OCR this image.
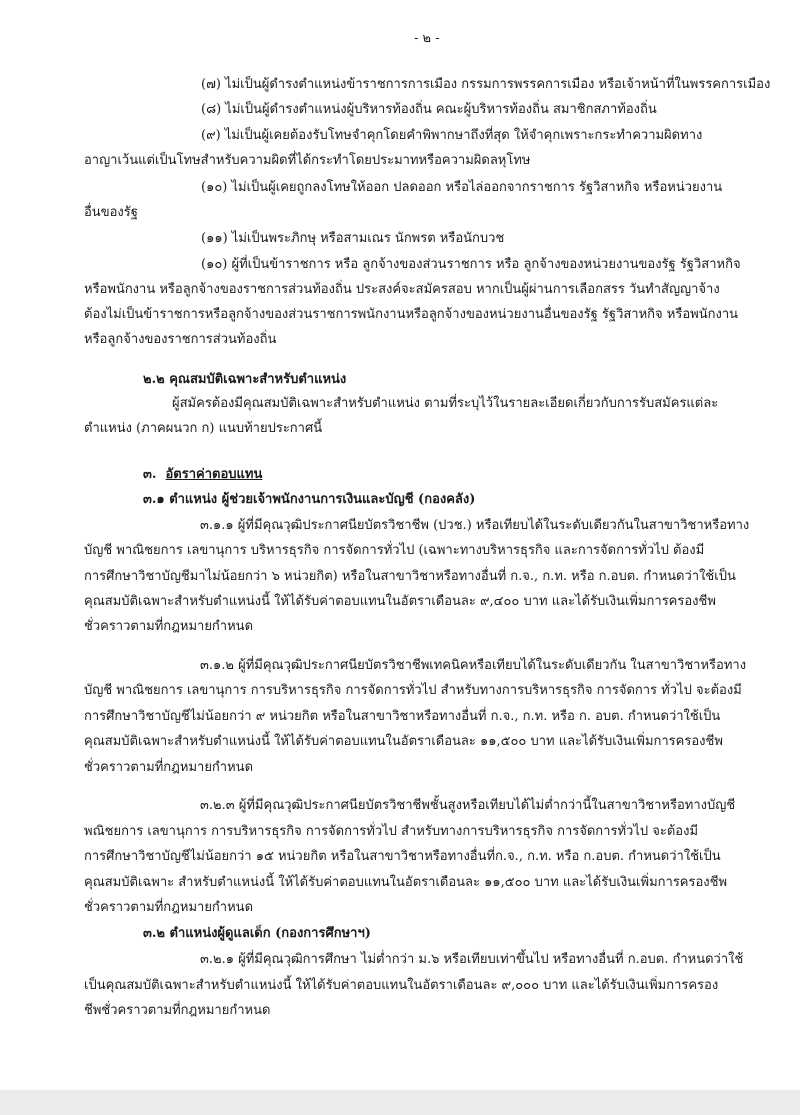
- ๒ -
(๗) ไม่เป็นผู้ดำรงตำแหน่งข้าราชการการเมือง กรรมการพรรคการเมือง หรือเจ้าหน้าที่ในพรรคการเมือง
(๘) ไม่เป็นผู้ดำรงตำแหน่งผู้บริหารท้องถิ่น คณะผู้บริหารท้องถิ่น สมาชิกสภาท้องถิ่น
(๙) ไม่เป็นผู้เคยต้องรับโทษจำคุกโดยคำพิพากษาถึงที่สุด ให้จำคุกเพราะกระทำความผิดทาง
อาญาเว้นแต่เป็นโทษสำหรับความผิดที่ได้กระทำโดยประมาทหรือความผิดลหุโทษ
(๑๐) ไม่เป็นผู้เคยถูกลงโทษให้ออก ปลดออก หรือไล่ออกจากราชการ รัฐวิสาหกิจ หรือหน่วยงาน
อื่นของรัฐ
(๑๑) ไม่เป็นพระภิกษุ หรือสามเณร นักพรต หรือนักบวช
(๑๐) ผู้ที่เป็นข้าราชการ หรือ ลูกจ้างของส่วนราชการ หรือ ลูกจ้างของหน่วยงานของรัฐ รัฐวิสาหกิจ
หรือพนักงาน หรือลูกจ้างของราชการส่วนท้องถิ่น ประสงค์จะสมัครสอบ หากเป็นผู้ผ่านการเลือกสรร วันทำสัญญาจ้าง
ต้องไม่เป็นข้าราชการหรือลูกจ้างของส่วนราชการพนักงานหรือลูกจ้างของหน่วยงานอื่นของรัฐ รัฐวิสาหกิจ หรือพนักงาน
หรือลูกจ้างของราชการส่วนท้องถิ่น
๒.๒ คุณสมบัติเฉพาะสำหรับตำแหน่ง
ผู้สมัครต้องมีคุณสมบัติเฉพาะสำหรับตำแหน่ง ตามที่ระบุไว้ในรายละเอียดเกี่ยวกับการรับสมัครแต่ละ
ตำแหน่ง (ภาคผนวก ก) แนบท้ายประกาศนี้
๓. อัตราค่าตอบแทน
๓.๑ ตำแหน่ง ผู้ช่วยเจ้าพนักงานการเงินและบัญชี (กองคลัง)
๓.๑.๑ ผู้ที่มีคุณวุฒิประกาศนียบัตรวิชาชีพ (ปวช.) หรือเทียบได้ในระดับเดียวกันในสาขาวิชาหรือทาง
บัญชี พาณิชยการ เลขานุการ บริหารธุรกิจ การจัดการทั่วไป (เฉพาะทางบริหารธุรกิจ และการจัดการทั่วไป ต้องมี
การศึกษาวิชาบัญชีมาไม่น้อยกว่า ๖ หน่วยกิต) หรือในสาขาวิชาหรือทางอื่นที่ ก.จ., ก.ท. หรือ ก.อบต. กำหนดว่าใช้เป็น
คุณสมบัติเฉพาะสำหรับตำแหน่งนี้ ให้ได้รับค่าตอบแทนในอัตราเดือนละ ๙,๔๐๐ บาท และได้รับเงินเพิ่มการครองชีพ
ชั่วคราวตามที่กฎหมายกำหนด
๓.๑.๒ ผู้ที่มีคุณวุฒิประกาศนียบัตรวิชาชีพเทคนิคหรือเทียบได้ในระดับเดียวกัน ในสาขาวิชาหรือทาง
บัญชี พาณิชยการ เลขานุการ การบริหารธุรกิจ การจัดการทั่วไป สำหรับทางการบริหารธุรกิจ การจัดการ ทั่วไป จะต้องมี
การศึกษาวิชาบัญชีไม่น้อยกว่า ๙ หน่วยกิต หรือในสาขาวิชาหรือทางอื่นที่ ก.จ., ก.ท. หรือ ก. อบต. กำหนดว่าใช้เป็น
คุณสมบัติเฉพาะสำหรับตำแหน่งนี้ ให้ได้รับค่าตอบแทนในอัตราเดือนละ ๑๑,๕๐๐ บาท และได้รับเงินเพิ่มการครองชีพ
ชั่วคราวตามที่กฎหมายกำหนด
๓.๒.๓ ผู้ที่มีคุณวุฒิประกาศนียบัตรวิชาชีพชั้นสูงหรือเทียบได้ไม่ต่ำกว่านี้ในสาขาวิชาหรือทางบัญชี
พณิชยการ เลขานุการ การบริหารธุรกิจ การจัดการทั่วไป สำหรับทางการบริหารธุรกิจ การจัดการทั่วไป จะต้องมี
การศึกษาวิชาบัญชีไม่น้อยกว่า ๑๕ หน่วยกิต หรือในสาขาวิชาหรือทางอื่นที่ก.จ., ก.ท. หรือ ก.อบต. กำหนดว่าใช้เป็น
คุณสมบัติเฉพาะ สำหรับตำแหน่งนี้ ให้ได้รับค่าตอบแทนในอัตราเดือนละ ๑๑,๕๐๐ บาท และได้รับเงินเพิ่มการครองชีพ
ชั่วคราวตามที่กฎหมายกำหนด
๓.๒ ตำแหน่งผู้ดูแลเด็ก (กองการศึกษาฯ)
๓.๒.๑ ผู้ที่มีคุณวุฒิการศึกษา ไม่ต่ำกว่า ม.๖ หรือเทียบเท่าขึ้นไป หรือทางอื่นที่ ก.อบต. กำหนดว่าใช้
เป็นคุณสมบัติเฉพาะสำหรับตำแหน่งนี้ ให้ได้รับค่าตอบแทนในอัตราเดือนละ ๙,๐๐๐ บาท และได้รับเงินเพิ่มการครอง
ชีพชั่วคราวตามที่กฎหมายกำหนด
